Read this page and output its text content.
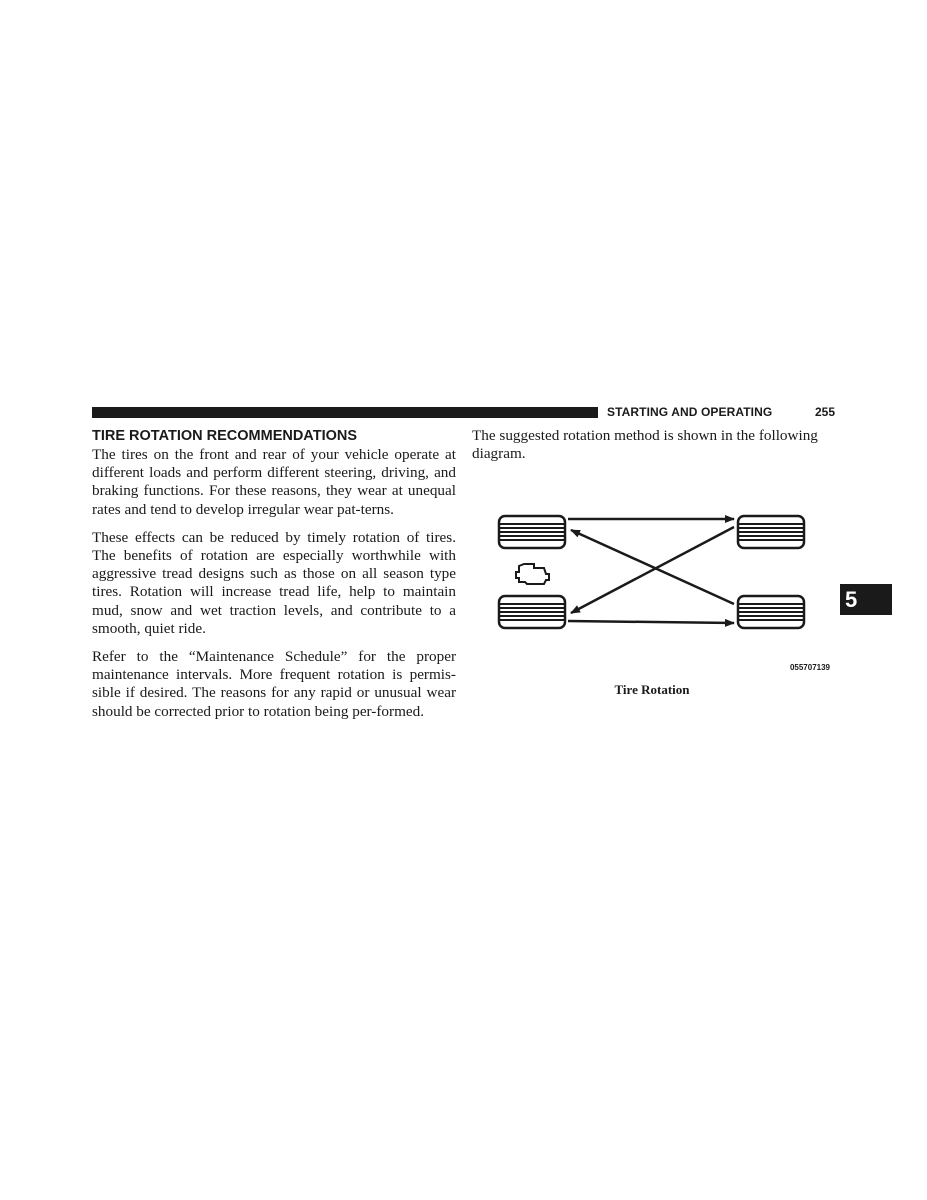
STARTING AND OPERATING	255
TIRE ROTATION RECOMMENDATIONS

The tires on the front and rear of your vehicle operate at different loads and perform different steering, driving, and braking functions. For these reasons, they wear at unequal rates and tend to develop irregular wear pat-terns.

These effects can be reduced by timely rotation of tires. The benefits of rotation are especially worthwhile with aggressive tread designs such as those on all season type tires. Rotation will increase tread life, help to maintain mud, snow and wet traction levels, and contribute to a smooth, quiet ride.

Refer to the “Maintenance Schedule” for the proper maintenance intervals. More frequent rotation is permis-sible if desired. The reasons for any rapid or unusual wear should be corrected prior to rotation being per-formed.

The suggested rotation method is shown in the following diagram.

055707139
Tire Rotation
5
